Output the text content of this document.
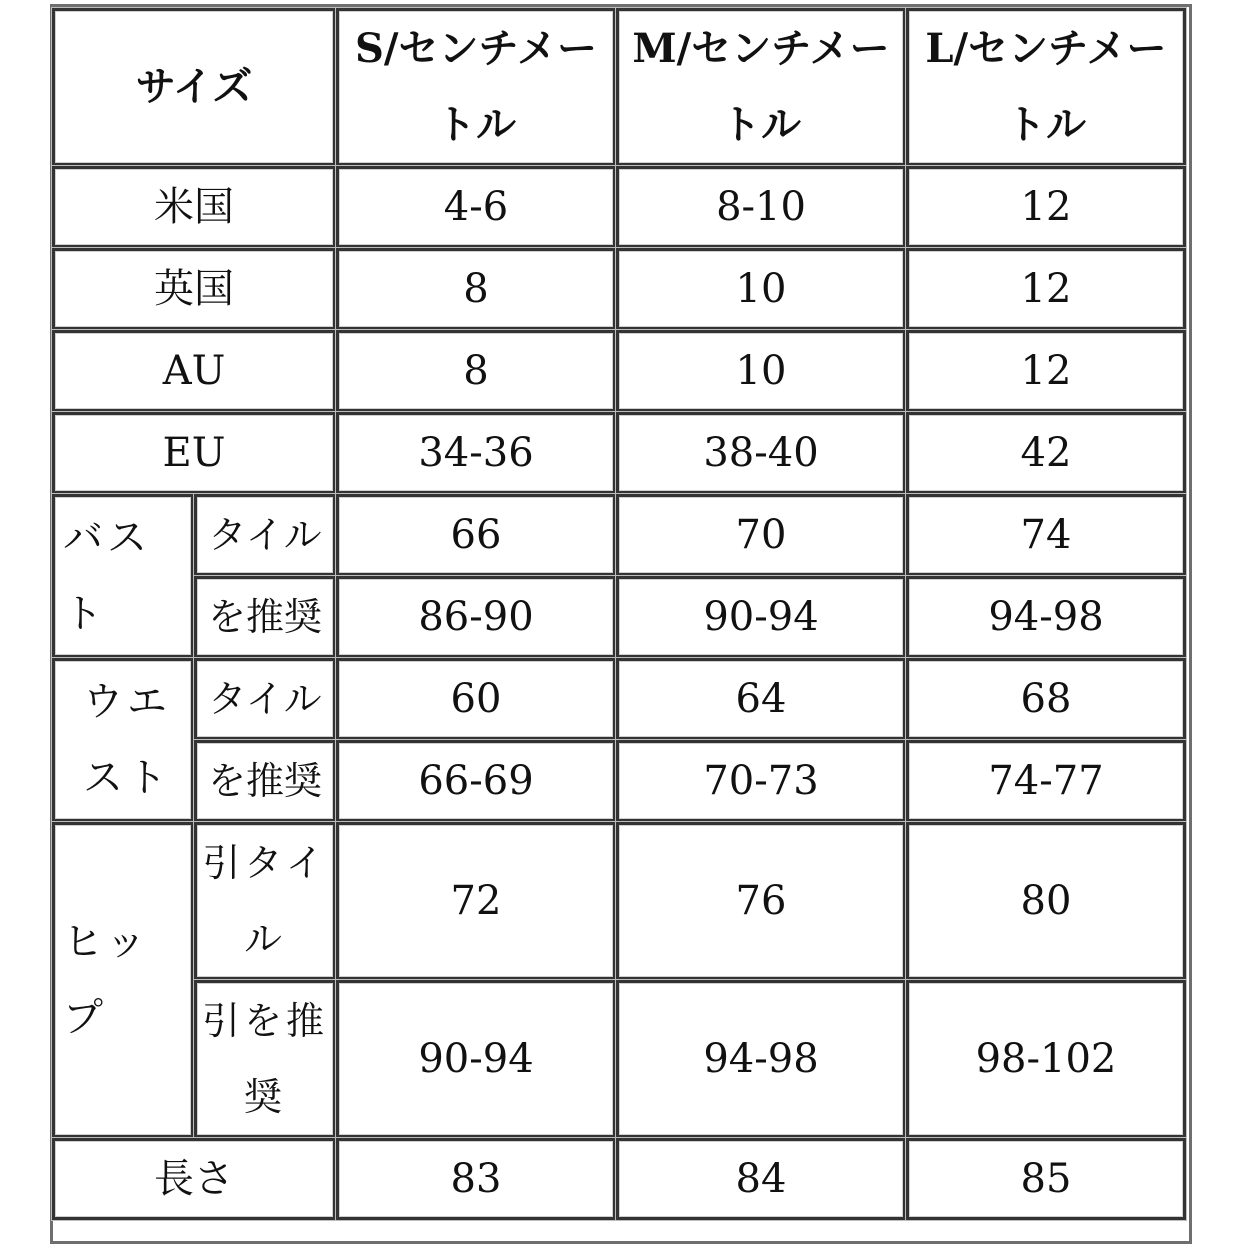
サイズ		S/センチメートル	M/センチメートル	L/センチメートル
米国		4-6	8-10	12
英国		8	10	12
AU		8	10	12
EU		34-36	38-40	42
バスト	タイル	66	70	74
	を推奨	86-90	90-94	94-98
ウエスト	タイル	60	64	68
	を推奨	66-69	70-73	74-77
ヒップ	引タイル	72	76	80
	引を推奨	90-94	94-98	98-102
長さ		83	84	85
